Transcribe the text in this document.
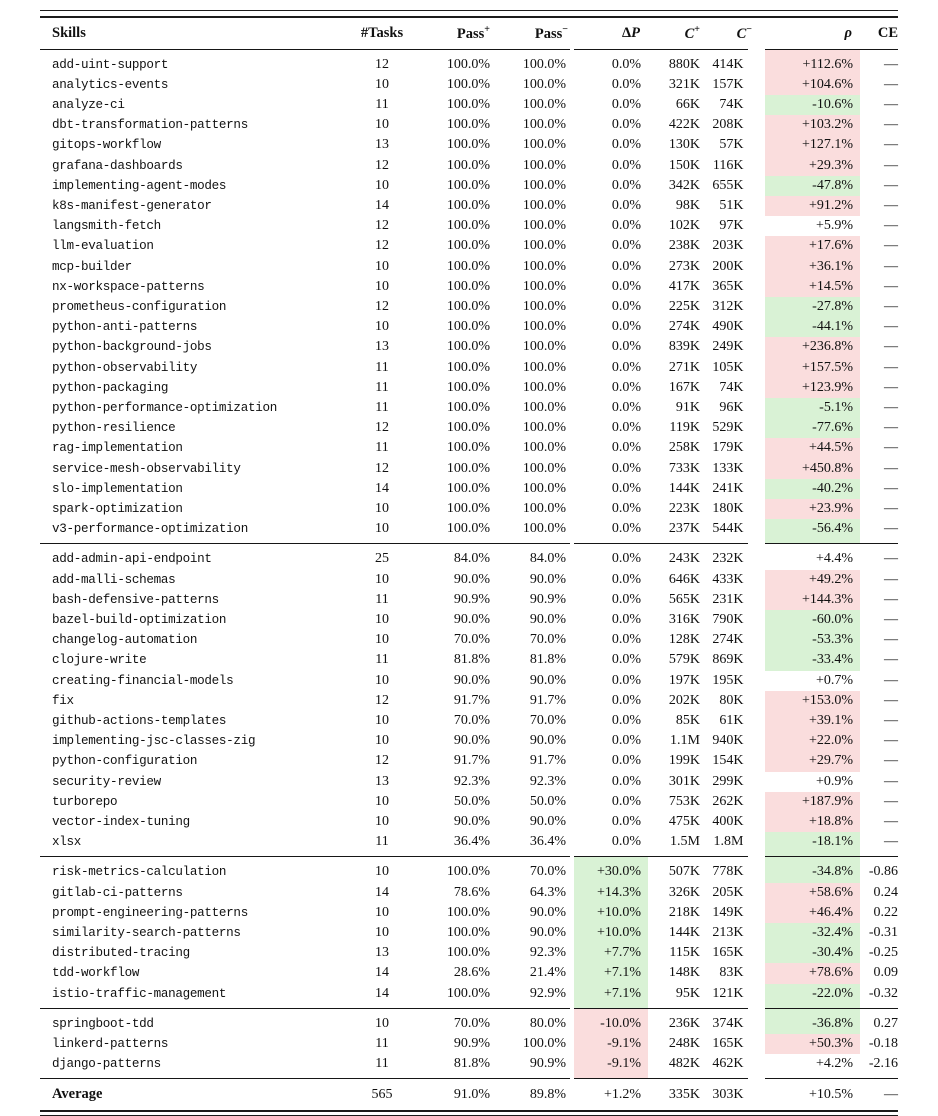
Skills	#Tasks	Pass+	Pass−	ΔP	C+	C−	ρ	CE
add-uint-support	12	100.0%	100.0%	0.0%	880K	414K	+112.6%	—
analytics-events	10	100.0%	100.0%	0.0%	321K	157K	+104.6%	—
analyze-ci	11	100.0%	100.0%	0.0%	66K	74K	-10.6%	—
dbt-transformation-patterns	10	100.0%	100.0%	0.0%	422K	208K	+103.2%	—
gitops-workflow	13	100.0%	100.0%	0.0%	130K	57K	+127.1%	—
grafana-dashboards	12	100.0%	100.0%	0.0%	150K	116K	+29.3%	—
implementing-agent-modes	10	100.0%	100.0%	0.0%	342K	655K	-47.8%	—
k8s-manifest-generator	14	100.0%	100.0%	0.0%	98K	51K	+91.2%	—
langsmith-fetch	12	100.0%	100.0%	0.0%	102K	97K	+5.9%	—
llm-evaluation	12	100.0%	100.0%	0.0%	238K	203K	+17.6%	—
mcp-builder	10	100.0%	100.0%	0.0%	273K	200K	+36.1%	—
nx-workspace-patterns	10	100.0%	100.0%	0.0%	417K	365K	+14.5%	—
prometheus-configuration	12	100.0%	100.0%	0.0%	225K	312K	-27.8%	—
python-anti-patterns	10	100.0%	100.0%	0.0%	274K	490K	-44.1%	—
python-background-jobs	13	100.0%	100.0%	0.0%	839K	249K	+236.8%	—
python-observability	11	100.0%	100.0%	0.0%	271K	105K	+157.5%	—
python-packaging	11	100.0%	100.0%	0.0%	167K	74K	+123.9%	—
python-performance-optimization	11	100.0%	100.0%	0.0%	91K	96K	-5.1%	—
python-resilience	12	100.0%	100.0%	0.0%	119K	529K	-77.6%	—
rag-implementation	11	100.0%	100.0%	0.0%	258K	179K	+44.5%	—
service-mesh-observability	12	100.0%	100.0%	0.0%	733K	133K	+450.8%	—
slo-implementation	14	100.0%	100.0%	0.0%	144K	241K	-40.2%	—
spark-optimization	10	100.0%	100.0%	0.0%	223K	180K	+23.9%	—
v3-performance-optimization	10	100.0%	100.0%	0.0%	237K	544K	-56.4%	—
add-admin-api-endpoint	25	84.0%	84.0%	0.0%	243K	232K	+4.4%	—
add-malli-schemas	10	90.0%	90.0%	0.0%	646K	433K	+49.2%	—
bash-defensive-patterns	11	90.9%	90.9%	0.0%	565K	231K	+144.3%	—
bazel-build-optimization	10	90.0%	90.0%	0.0%	316K	790K	-60.0%	—
changelog-automation	10	70.0%	70.0%	0.0%	128K	274K	-53.3%	—
clojure-write	11	81.8%	81.8%	0.0%	579K	869K	-33.4%	—
creating-financial-models	10	90.0%	90.0%	0.0%	197K	195K	+0.7%	—
fix	12	91.7%	91.7%	0.0%	202K	80K	+153.0%	—
github-actions-templates	10	70.0%	70.0%	0.0%	85K	61K	+39.1%	—
implementing-jsc-classes-zig	10	90.0%	90.0%	0.0%	1.1M	940K	+22.0%	—
python-configuration	12	91.7%	91.7%	0.0%	199K	154K	+29.7%	—
security-review	13	92.3%	92.3%	0.0%	301K	299K	+0.9%	—
turborepo	10	50.0%	50.0%	0.0%	753K	262K	+187.9%	—
vector-index-tuning	10	90.0%	90.0%	0.0%	475K	400K	+18.8%	—
xlsx	11	36.4%	36.4%	0.0%	1.5M	1.8M	-18.1%	—
risk-metrics-calculation	10	100.0%	70.0%	+30.0%	507K	778K	-34.8%	-0.86
gitlab-ci-patterns	14	78.6%	64.3%	+14.3%	326K	205K	+58.6%	0.24
prompt-engineering-patterns	10	100.0%	90.0%	+10.0%	218K	149K	+46.4%	0.22
similarity-search-patterns	10	100.0%	90.0%	+10.0%	144K	213K	-32.4%	-0.31
distributed-tracing	13	100.0%	92.3%	+7.7%	115K	165K	-30.4%	-0.25
tdd-workflow	14	28.6%	21.4%	+7.1%	148K	83K	+78.6%	0.09
istio-traffic-management	14	100.0%	92.9%	+7.1%	95K	121K	-22.0%	-0.32
springboot-tdd	10	70.0%	80.0%	-10.0%	236K	374K	-36.8%	0.27
linkerd-patterns	11	90.9%	100.0%	-9.1%	248K	165K	+50.3%	-0.18
django-patterns	11	81.8%	90.9%	-9.1%	482K	462K	+4.2%	-2.16
Average	565	91.0%	89.8%	+1.2%	335K	303K	+10.5%	—
